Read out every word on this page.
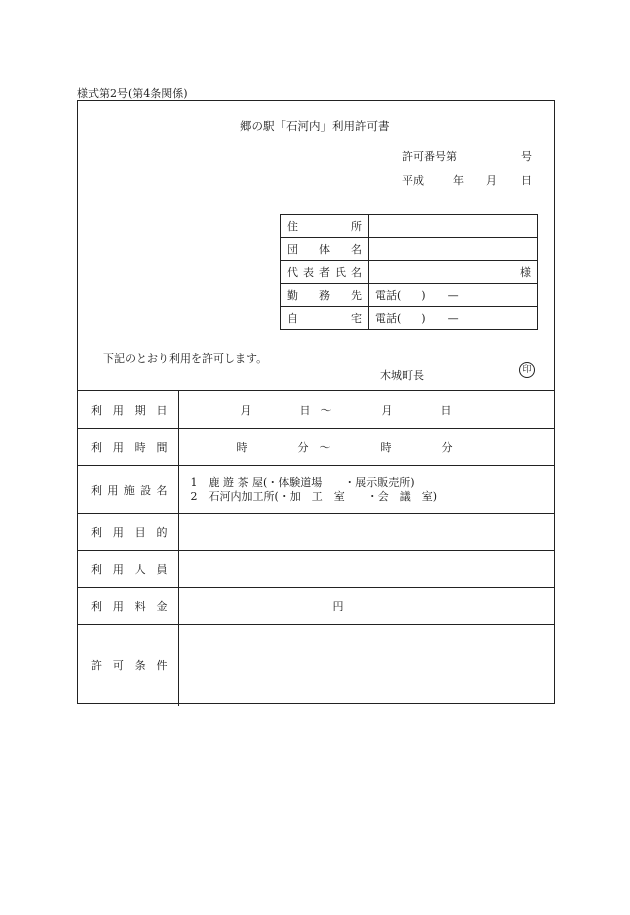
様式第2号(第4条関係)
郷の駅「石河内」利用許可書
許可番号第	号
平成	年 月 日
住所	
団体名	
代表者氏名	様
勤務先	電話( ) —
自宅	電話( ) —
下記のとおり利用を許可します。
木城町長	印
利用期日	月 日 ～ 月 日

利用時間	時 分 ～ 時 分

利用施設名	1　鹿 遊 茶 屋(・体験道場　　・展示販売所)
2　石河内加工所(・加　工　室　　・会　議　室)

利用目的	
利用人員	
利用料金	円

許可条件	
